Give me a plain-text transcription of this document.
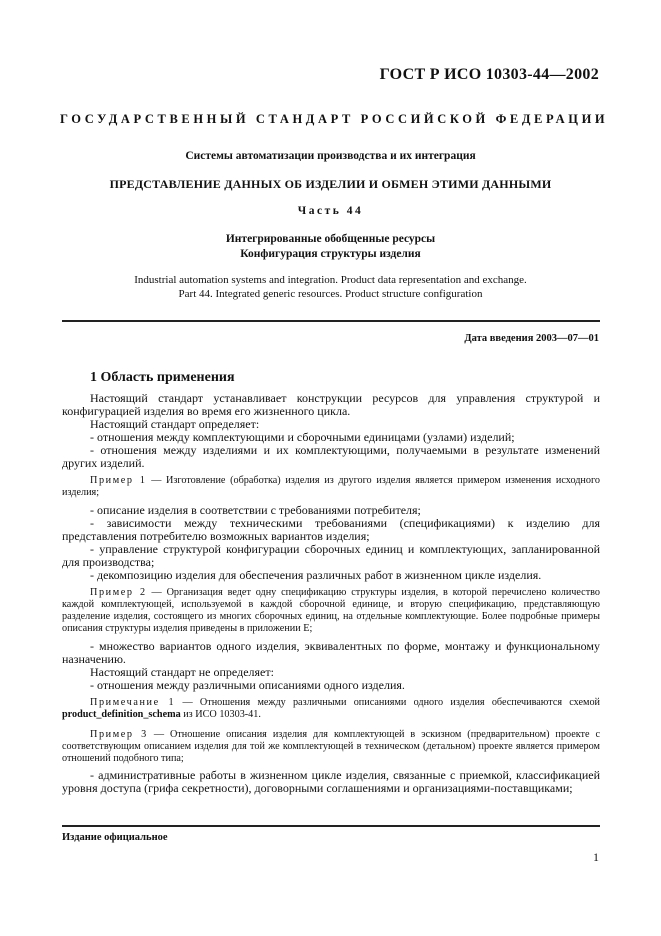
ГОСТ Р ИСО 10303-44—2002
ГОСУДАРСТВЕННЫЙ СТАНДАРТ РОССИЙСКОЙ ФЕДЕРАЦИИ
Системы автоматизации производства и их интеграция
ПРЕДСТАВЛЕНИЕ ДАННЫХ ОБ ИЗДЕЛИИ И ОБМЕН ЭТИМИ ДАННЫМИ
Часть 44
Интегрированные обобщенные ресурсы
Конфигурация структуры изделия
Industrial automation systems and integration. Product data representation and exchange.
Part 44. Integrated generic resources. Product structure configuration
Дата введения 2003—07—01
1 Область применения

Настоящий стандарт устанавливает конструкции ресурсов для управления структурой и конфигурацией изделия во время его жизненного цикла.

Настоящий стандарт определяет:

- отношения между комплектующими и сборочными единицами (узлами) изделий;

- отношения между изделиями и их комплектующими, получаемыми в результате изменений других изделий.

Пример 1 — Изготовление (обработка) изделия из другого изделия является примером изменения исходного изделия;

- описание изделия в соответствии с требованиями потребителя;

- зависимости между техническими требованиями (спецификациями) к изделию для представления потребителю возможных вариантов изделия;

- управление структурой конфигурации сборочных единиц и комплектующих, запланированной для производства;

- декомпозицию изделия для обеспечения различных работ в жизненном цикле изделия.

Пример 2 — Организация ведет одну спецификацию структуры изделия, в которой перечислено количество каждой комплектующей, используемой в каждой сборочной единице, и вторую спецификацию, представляющую разделение изделия, состоящего из многих сборочных единиц, на отдельные комплектующие. Более подробные примеры описания структуры изделия приведены в приложении Е;

- множество вариантов одного изделия, эквивалентных по форме, монтажу и функциональному назначению.

Настоящий стандарт не определяет:

- отношения между различными описаниями одного изделия.

Примечание 1 — Отношения между различными описаниями одного изделия обеспечиваются схемой product_definition_schema из ИСО 10303-41.

Пример 3 — Отношение описания изделия для комплектующей в эскизном (предварительном) проекте с соответствующим описанием изделия для той же комплектующей в техническом (детальном) проекте является примером отношений подобного типа;

- административные работы в жизненном цикле изделия, связанные с приемкой, классификацией уровня доступа (грифа секретности), договорными соглашениями и организациями-поставщиками;

Издание официальное
1
